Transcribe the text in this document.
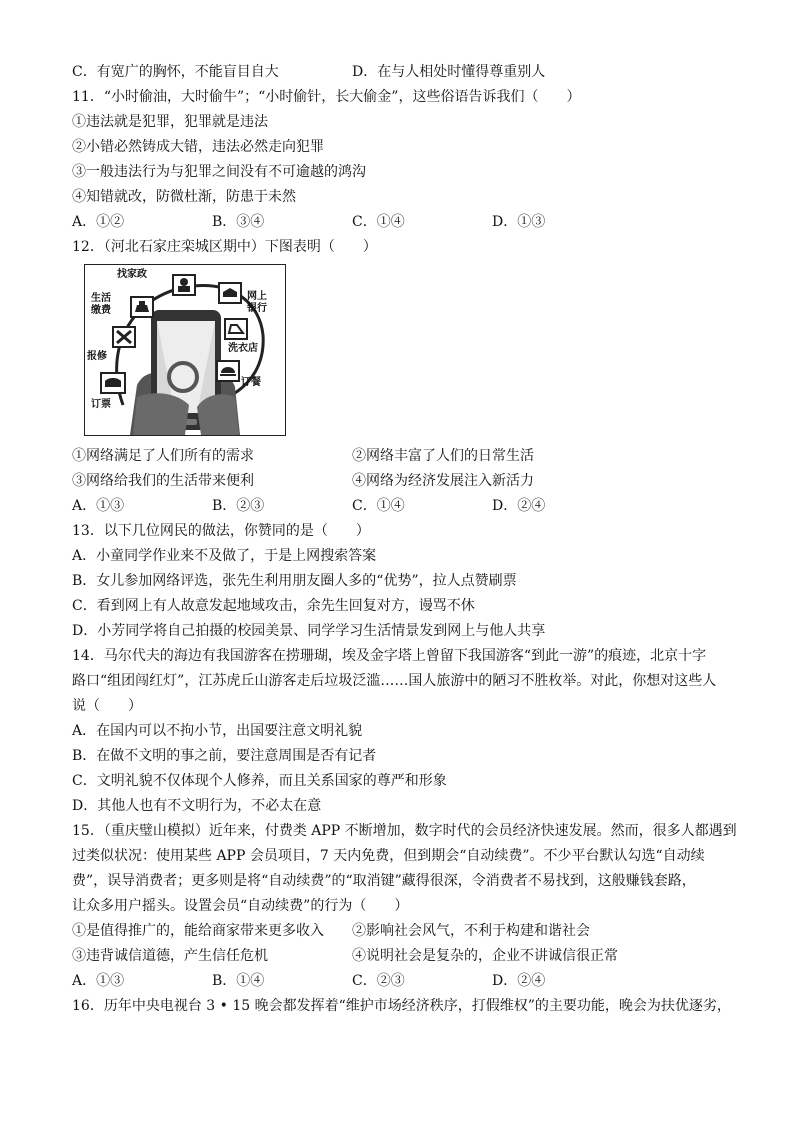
C．有宽广的胸怀，不能盲目自大	D．在与人相处时懂得尊重别人
11．“小时偷油，大时偷牛”；“小时偷针，长大偷金”，这些俗语告诉我们（　　）
①违法就是犯罪，犯罪就是违法
②小错必然铸成大错，违法必然走向犯罪
③一般违法行为与犯罪之间没有不可逾越的鸿沟
④知错就改，防微杜渐，防患于未然
A．①②	B．③④	C．①④	D．①③
12．（河北石家庄栾城区期中）下图表明（　　）
找家政
生活
缴费
网上
银行
报修
洗衣店
订餐
订票
①网络满足了人们所有的需求	②网络丰富了人们的日常生活
③网络给我们的生活带来便利	④网络为经济发展注入新活力
A．①③	B．②③	C．①④	D．②④
13．以下几位网民的做法，你赞同的是（　　）
A．小童同学作业来不及做了，于是上网搜索答案
B．女儿参加网络评选，张先生利用朋友圈人多的“优势”，拉人点赞刷票
C．看到网上有人故意发起地域攻击，余先生回复对方，谩骂不休
D．小芳同学将自己拍摄的校园美景、同学学习生活情景发到网上与他人共享
14．马尔代夫的海边有我国游客在捞珊瑚，埃及金字塔上曾留下我国游客“到此一游”的痕迹，北京十字
路口“组团闯红灯”，江苏虎丘山游客走后垃圾泛滥……国人旅游中的陋习不胜枚举。对此，你想对这些人
说（　　）
A．在国内可以不拘小节，出国要注意文明礼貌
B．在做不文明的事之前，要注意周围是否有记者
C．文明礼貌不仅体现个人修养，而且关系国家的尊严和形象
D．其他人也有不文明行为，不必太在意
15．（重庆璧山模拟）近年来，付费类 APP 不断增加，数字时代的会员经济快速发展。然而，很多人都遇到
过类似状况：使用某些 APP 会员项目，7 天内免费，但到期会“自动续费”。不少平台默认勾选“自动续
费”，误导消费者；更多则是将“自动续费”的“取消键”藏得很深，令消费者不易找到，这般赚钱套路，
让众多用户摇头。设置会员“自动续费”的行为（　　）
①是值得推广的，能给商家带来更多收入	②影响社会风气，不利于构建和谐社会
③违背诚信道德，产生信任危机	④说明社会是复杂的，企业不讲诚信很正常
A．①③	B．①④	C．②③	D．②④
16．历年中央电视台 3 • 15 晚会都发挥着“维护市场经济秩序，打假维权”的主要功能，晚会为扶优逐劣，
